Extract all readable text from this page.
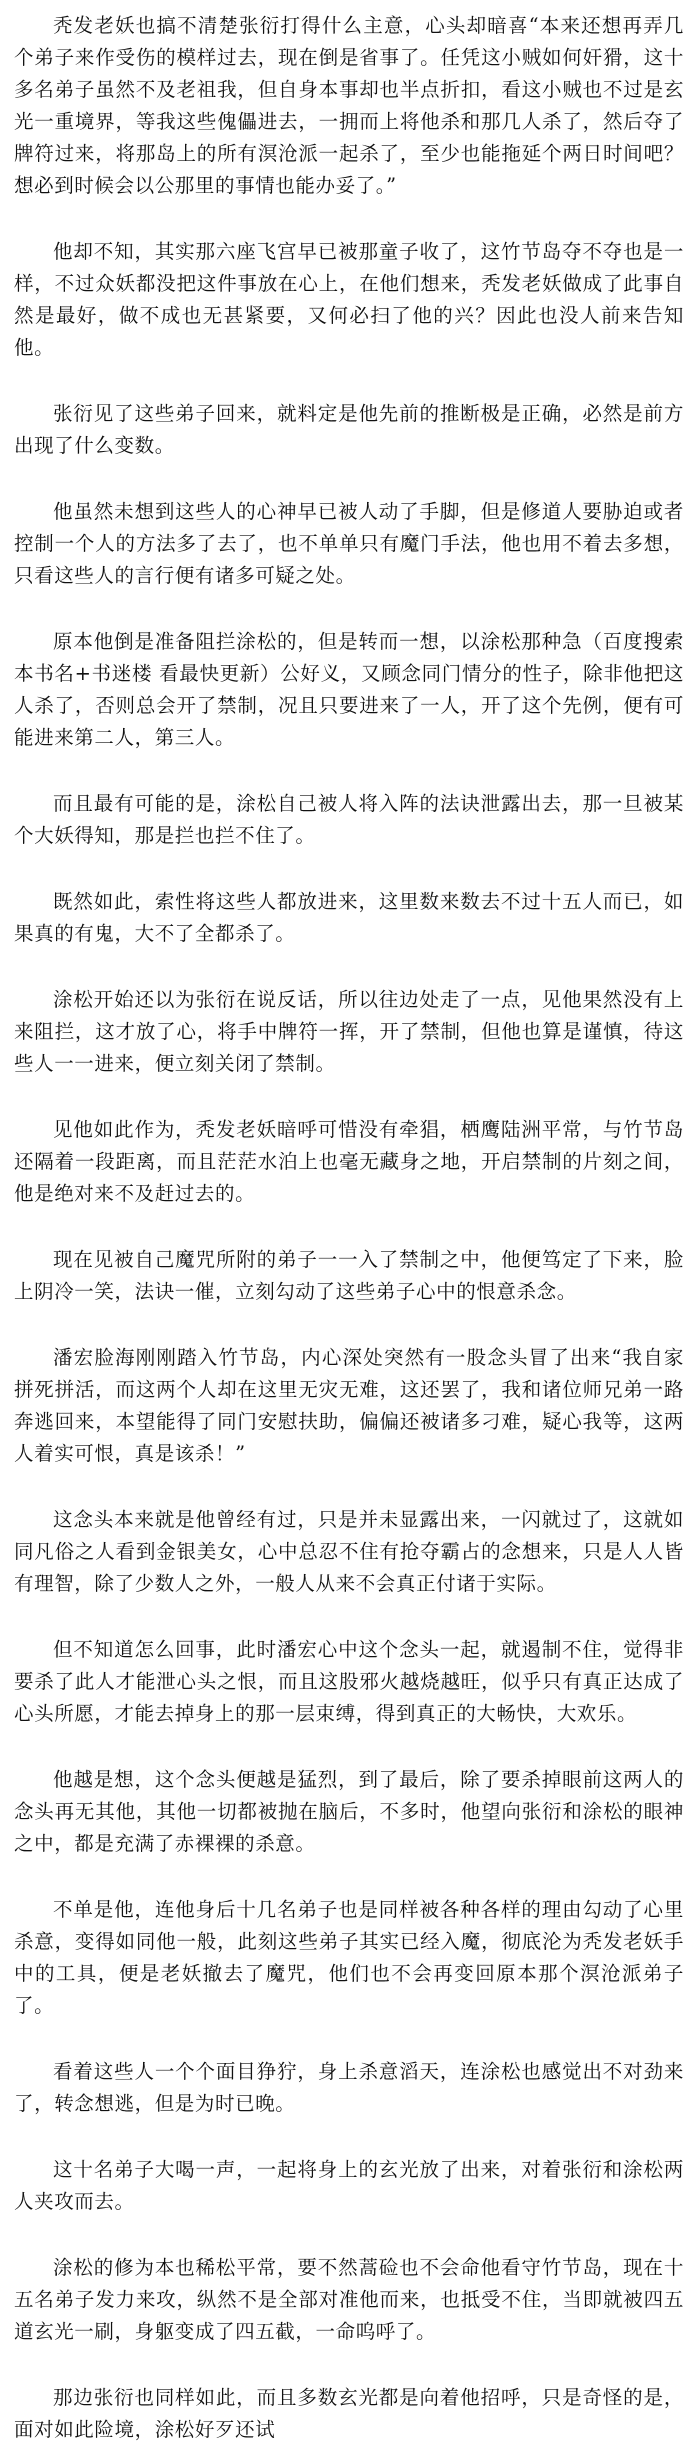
秃发老妖也搞不清楚张衍打得什么主意，心头却暗喜“本来还想再弄几个弟子来作受伤的模样过去，现在倒是省事了。任凭这小贼如何奸猾，这十多名弟子虽然不及老祖我，但自身本事却也半点折扣，看这小贼也不过是玄光一重境界，等我这些傀儡进去，一拥而上将他杀和那几人杀了，然后夺了牌符过来，将那岛上的所有溟沧派一起杀了，至少也能拖延个两日时间吧？想必到时候会以公那里的事情也能办妥了。”

他却不知，其实那六座飞宫早已被那童子收了，这竹节岛夺不夺也是一样，不过众妖都没把这件事放在心上，在他们想来，秃发老妖做成了此事自然是最好，做不成也无甚紧要，又何必扫了他的兴？因此也没人前来告知他。

张衍见了这些弟子回来，就料定是他先前的推断极是正确，必然是前方出现了什么变数。

他虽然未想到这些人的心神早已被人动了手脚，但是修道人要胁迫或者控制一个人的方法多了去了，也不单单只有魔门手法，他也用不着去多想，只看这些人的言行便有诸多可疑之处。

原本他倒是准备阻拦涂松的，但是转而一想，以涂松那种急（百度搜索本书名+书迷楼 看最快更新）公好义，又顾念同门情分的性子，除非他把这人杀了，否则总会开了禁制，况且只要进来了一人，开了这个先例，便有可能进来第二人，第三人。

而且最有可能的是，涂松自己被人将入阵的法诀泄露出去，那一旦被某个大妖得知，那是拦也拦不住了。

既然如此，索性将这些人都放进来，这里数来数去不过十五人而已，如果真的有鬼，大不了全都杀了。

涂松开始还以为张衍在说反话，所以往边处走了一点，见他果然没有上来阻拦，这才放了心，将手中牌符一挥，开了禁制，但他也算是谨慎，待这些人一一进来，便立刻关闭了禁制。

见他如此作为，秃发老妖暗呼可惜没有牵猖，栖鹰陆洲平常，与竹节岛还隔着一段距离，而且茫茫水泊上也毫无藏身之地，开启禁制的片刻之间，他是绝对来不及赶过去的。

现在见被自己魔咒所附的弟子一一入了禁制之中，他便笃定了下来，脸上阴冷一笑，法诀一催，立刻勾动了这些弟子心中的恨意杀念。

潘宏脸海刚刚踏入竹节岛，内心深处突然有一股念头冒了出来“我自家拼死拼活，而这两个人却在这里无灾无难，这还罢了，我和诸位师兄弟一路奔逃回来，本望能得了同门安慰扶助，偏偏还被诸多刁难，疑心我等，这两人着实可恨，真是该杀！”

这念头本来就是他曾经有过，只是并未显露出来，一闪就过了，这就如同凡俗之人看到金银美女，心中总忍不住有抢夺霸占的念想来，只是人人皆有理智，除了少数人之外，一般人从来不会真正付诸于实际。

但不知道怎么回事，此时潘宏心中这个念头一起，就遏制不住，觉得非要杀了此人才能泄心头之恨，而且这股邪火越烧越旺，似乎只有真正达成了心头所愿，才能去掉身上的那一层束缚，得到真正的大畅快，大欢乐。

他越是想，这个念头便越是猛烈，到了最后，除了要杀掉眼前这两人的念头再无其他，其他一切都被抛在脑后，不多时，他望向张衍和涂松的眼神之中，都是充满了赤裸裸的杀意。

不单是他，连他身后十几名弟子也是同样被各种各样的理由勾动了心里杀意，变得如同他一般，此刻这些弟子其实已经入魔，彻底沦为秃发老妖手中的工具，便是老妖撤去了魔咒，他们也不会再变回原本那个溟沧派弟子了。

看着这些人一个个面目狰狞，身上杀意滔天，连涂松也感觉出不对劲来了，转念想逃，但是为时已晚。

这十名弟子大喝一声，一起将身上的玄光放了出来，对着张衍和涂松两人夹攻而去。

涂松的修为本也稀松平常，要不然蒿硷也不会命他看守竹节岛，现在十五名弟子发力来攻，纵然不是全部对准他而来，也抵受不住，当即就被四五道玄光一刷，身躯变成了四五截，一命呜呼了。

那边张衍也同样如此，而且多数玄光都是向着他招呼，只是奇怪的是，面对如此险境，涂松好歹还试
